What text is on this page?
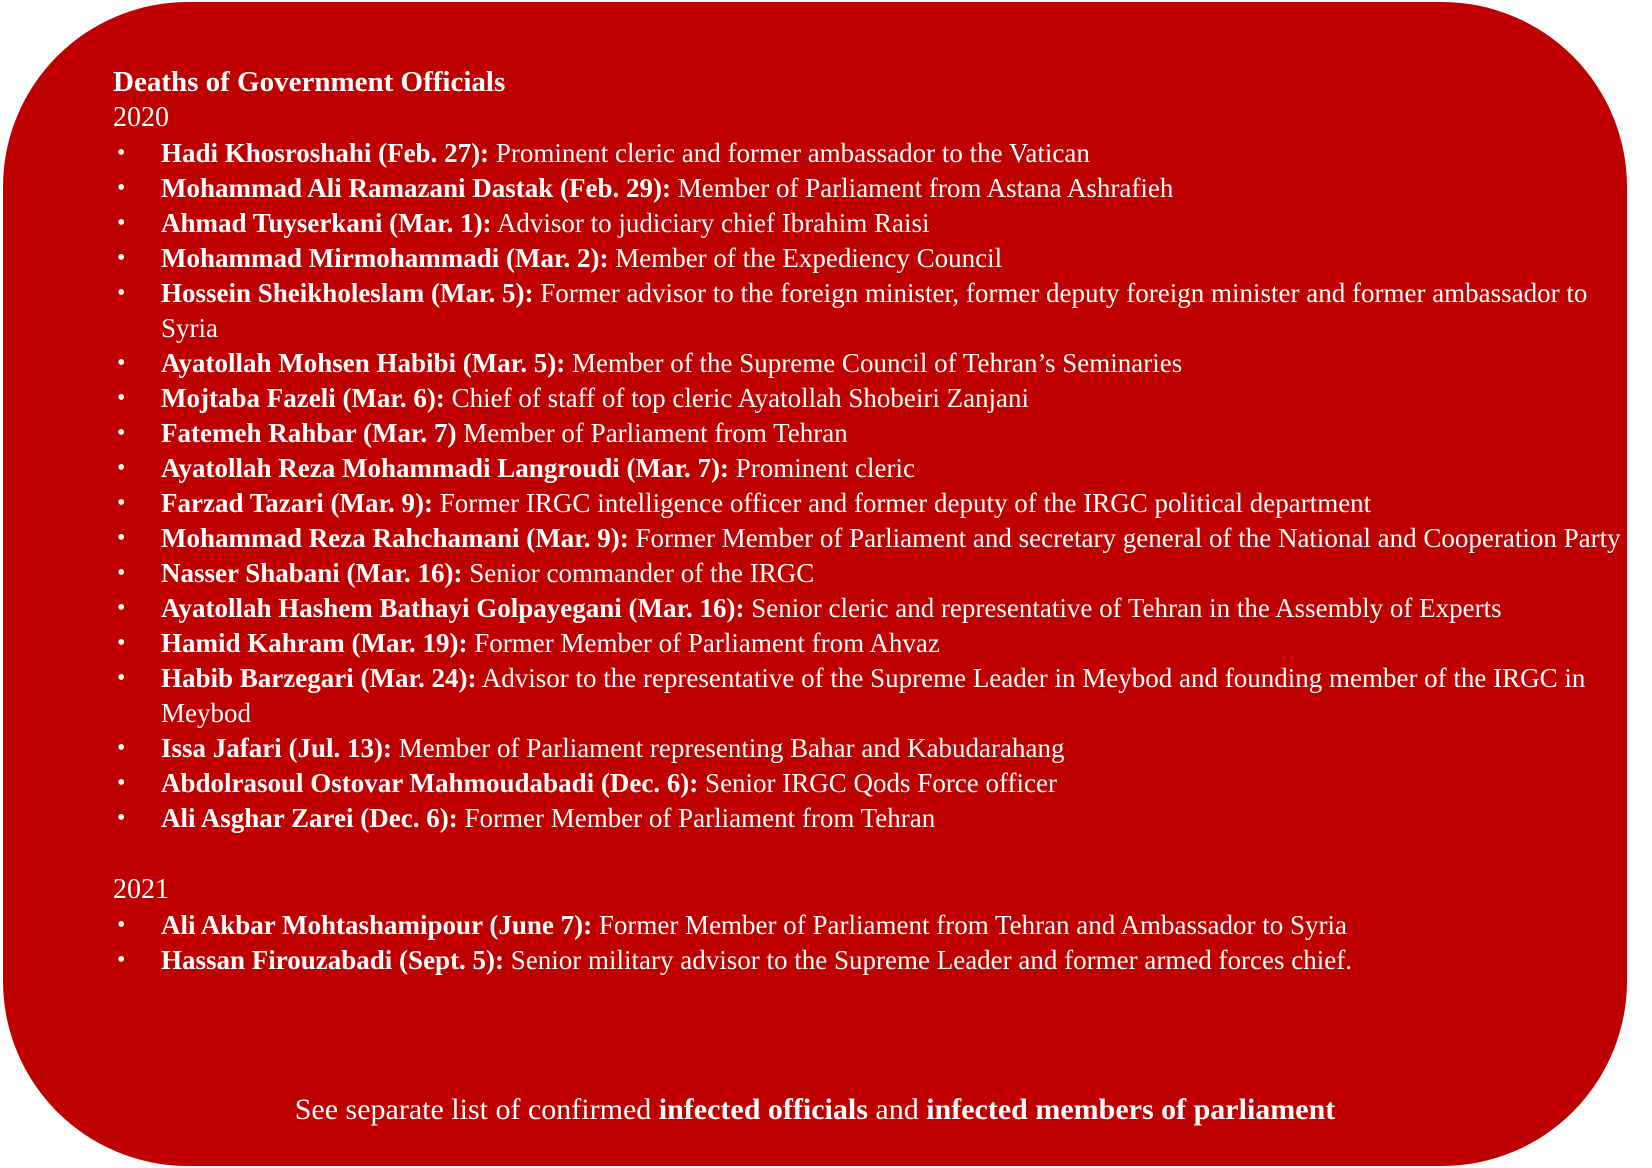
Deaths of Government Officials
2020
• Hadi Khosroshahi (Feb. 27): Prominent cleric and former ambassador to the Vatican
• Mohammad Ali Ramazani Dastak (Feb. 29): Member of Parliament from Astana Ashrafieh
• Ahmad Tuyserkani (Mar. 1): Advisor to judiciary chief Ibrahim Raisi
• Mohammad Mirmohammadi (Mar. 2): Member of the Expediency Council
• Hossein Sheikholeslam (Mar. 5): Former advisor to the foreign minister, former deputy foreign minister and former ambassador to Syria
• Ayatollah Mohsen Habibi (Mar. 5): Member of the Supreme Council of Tehran’s Seminaries
• Mojtaba Fazeli (Mar. 6): Chief of staff of top cleric Ayatollah Shobeiri Zanjani
• Fatemeh Rahbar (Mar. 7) Member of Parliament from Tehran
• Ayatollah Reza Mohammadi Langroudi (Mar. 7): Prominent cleric
• Farzad Tazari (Mar. 9): Former IRGC intelligence officer and former deputy of the IRGC political department
• Mohammad Reza Rahchamani (Mar. 9): Former Member of Parliament and secretary general of the National and Cooperation Party
• Nasser Shabani (Mar. 16): Senior commander of the IRGC
• Ayatollah Hashem Bathayi Golpayegani (Mar. 16): Senior cleric and representative of Tehran in the Assembly of Experts
• Hamid Kahram (Mar. 19): Former Member of Parliament from Ahvaz
• Habib Barzegari (Mar. 24): Advisor to the representative of the Supreme Leader in Meybod and founding member of the IRGC in Meybod
• Issa Jafari (Jul. 13): Member of Parliament representing Bahar and Kabudarahang
• Abdolrasoul Ostovar Mahmoudabadi (Dec. 6): Senior IRGC Qods Force officer
• Ali Asghar Zarei (Dec. 6): Former Member of Parliament from Tehran
2021
• Ali Akbar Mohtashamipour (June 7): Former Member of Parliament from Tehran and Ambassador to Syria
• Hassan Firouzabadi (Sept. 5): Senior military advisor to the Supreme Leader and former armed forces chief.
See separate list of confirmed infected officials and infected members of parliament
